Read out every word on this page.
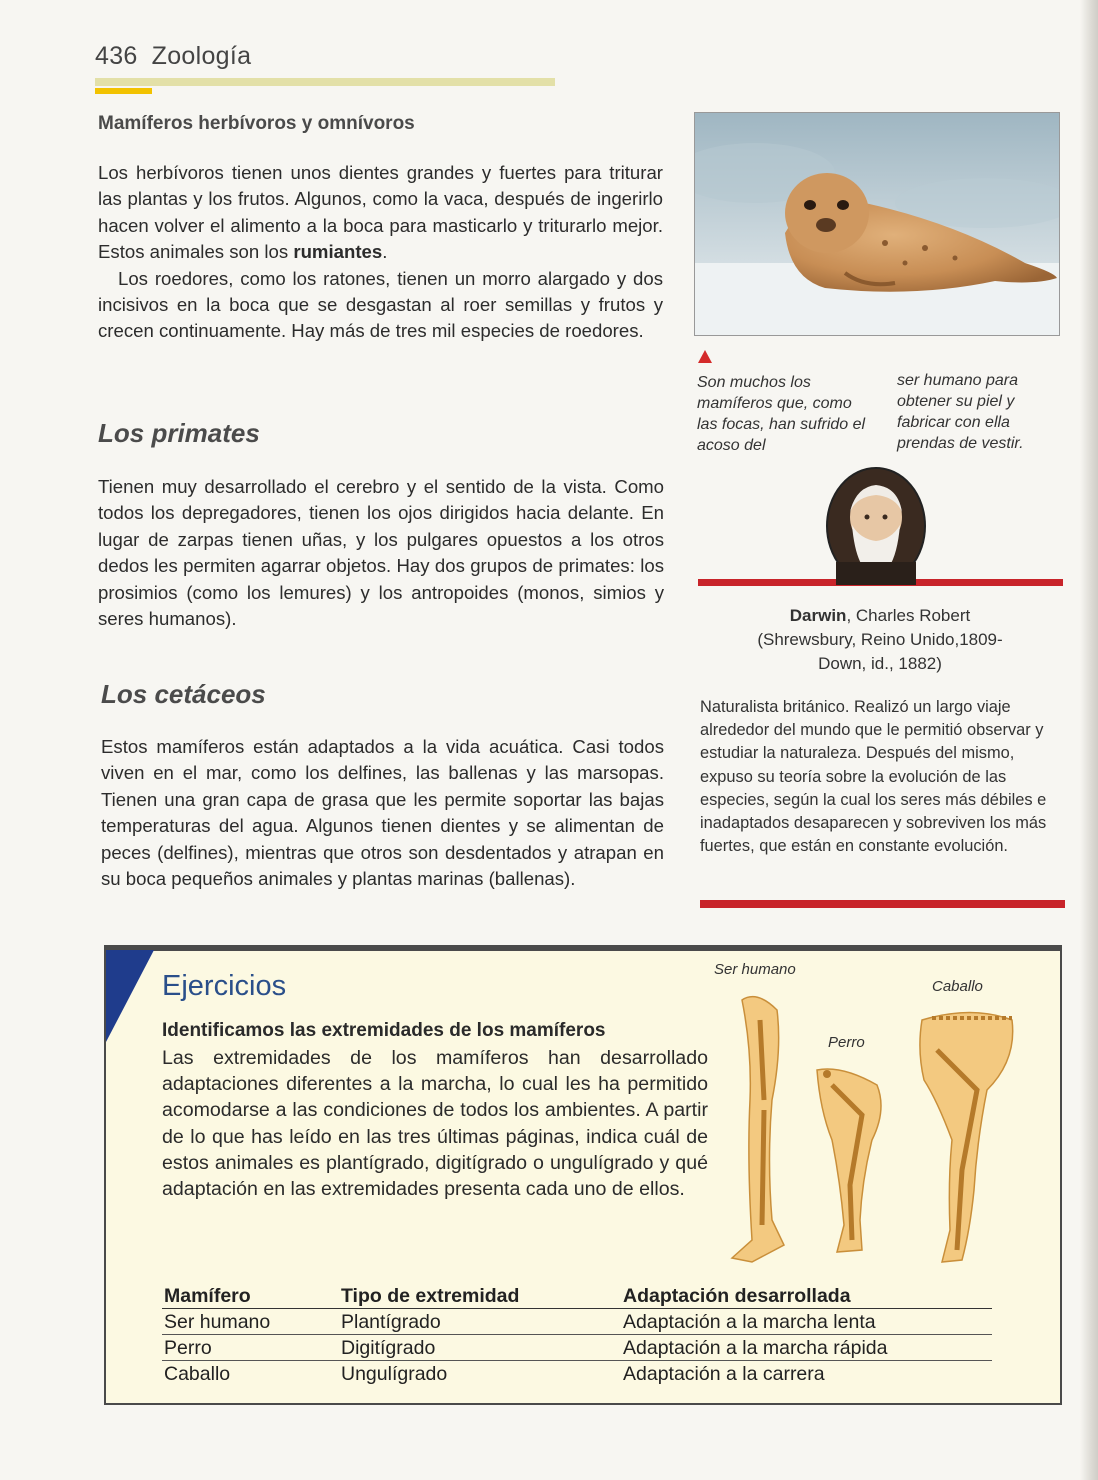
436 Zoología
Mamíferos herbívoros y omnívoros

Los herbívoros tienen unos dientes grandes y fuertes para triturar las plantas y los frutos. Algunos, como la vaca, después de ingerirlo hacen volver el alimento a la boca para masticarlo y triturarlo mejor. Estos animales son los rumiantes.

Los roedores, como los ratones, tienen un morro alargado y dos incisivos en la boca que se desgastan al roer semillas y frutos y crecen continuamente. Hay más de tres mil especies de roedores.

Los primates
Tienen muy desarrollado el cerebro y el sentido de la vista. Como todos los depregadores, tienen los ojos dirigidos hacia delante. En lugar de zarpas tienen uñas, y los pulgares opuestos a los otros dedos les permiten agarrar objetos. Hay dos grupos de primates: los prosimios (como los lemures) y los antropoides (monos, simios y seres humanos).
Los cetáceos
Estos mamíferos están adaptados a la vida acuática. Casi todos viven en el mar, como los delfines, las ballenas y las marsopas. Tienen una gran capa de grasa que les permite soportar las bajas temperaturas del agua. Algunos tienen dientes y se alimentan de peces (delfines), mientras que otros son desdentados y atrapan en su boca pequeños animales y plantas marinas (ballenas).
Son muchos los mamíferos que, como las focas, han sufrido el acoso del
ser humano para obtener su piel y fabricar con ella prendas de vestir.
Darwin, Charles Robert
(Shrewsbury, Reino Unido,1809-
Down, id., 1882)
Naturalista británico. Realizó un largo viaje alrededor del mundo que le permitió observar y estudiar la naturaleza. Después del mismo, expuso su teoría sobre la evolución de las especies, según la cual los seres más débiles e inadaptados desaparecen y sobreviven los más fuertes, que están en constante evolución.
Ejercicios
Identificamos las extremidades de los mamíferos
Las extremidades de los mamíferos han desarrollado adaptaciones diferentes a la marcha, lo cual les ha permitido acomodarse a las condiciones de todos los ambientes. A partir de lo que has leído en las tres últimas páginas, indica cuál de estos animales es plantígrado, digitígrado o ungulígrado y qué adaptación en las extremidades presenta cada uno de ellos.
Ser humano
Caballo
Perro
Mamífero	Tipo de extremidad	Adaptación desarrollada
Ser humano	Plantígrado	Adaptación a la marcha lenta
Perro	Digitígrado	Adaptación a la marcha rápida
Caballo	Ungulígrado	Adaptación a la carrera
